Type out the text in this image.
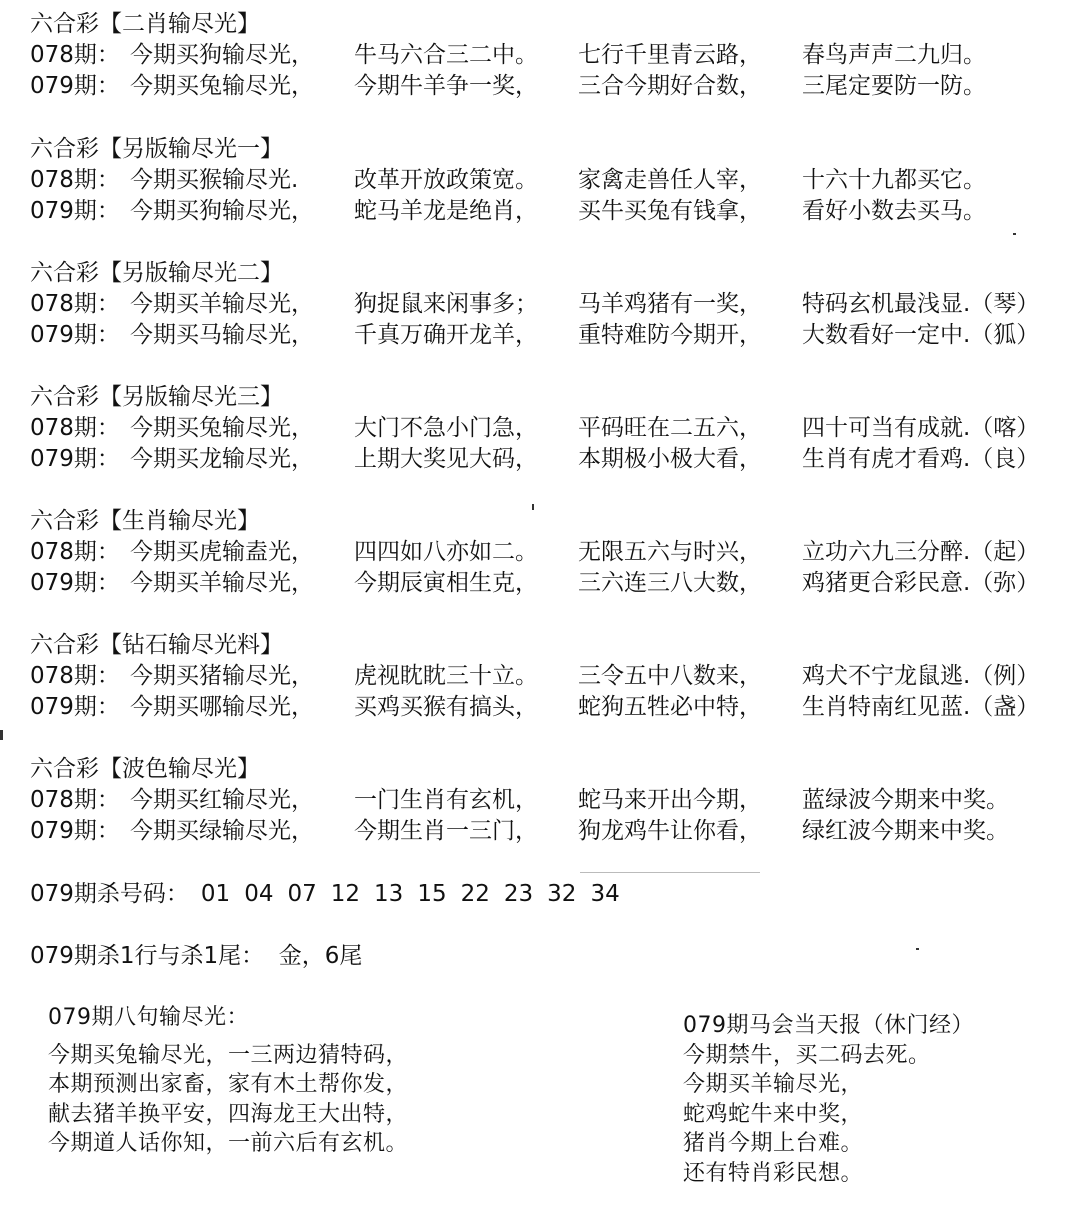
六合彩【二肖输尽光】
078期： 今期买狗输尽光， 牛马六合三二中。 七行千里青云路， 春鸟声声二九归。
079期： 今期买兔输尽光， 今期牛羊争一奖， 三合今期好合数， 三尾定要防一防。
六合彩【另版输尽光一】
078期： 今期买猴输尽光. 改革开放政策宽。 家禽走兽任人宰， 十六十九都买它。
079期： 今期买狗输尽光， 蛇马羊龙是绝肖， 买牛买兔有钱拿， 看好小数去买马。
六合彩【另版输尽光二】
078期： 今期买羊输尽光， 狗捉鼠来闲事多； 马羊鸡猪有一奖， 特码玄机最浅显.（琴）
079期： 今期买马输尽光， 千真万确开龙羊， 重特难防今期开， 大数看好一定中.（狐）
六合彩【另版输尽光三】
078期： 今期买兔输尽光， 大门不急小门急， 平码旺在二五六， 四十可当有成就.（喀）
079期： 今期买龙输尽光， 上期大奖见大码， 本期极小极大看， 生肖有虎才看鸡.（良）
六合彩【生肖输尽光】
078期： 今期买虎输盍光， 四四如八亦如二。 无限五六与时兴， 立功六九三分醉.（起）
079期： 今期买羊输尽光， 今期辰寅相生克， 三六连三八大数， 鸡猪更合彩民意.（弥）
六合彩【钻石输尽光料】
078期： 今期买猪输尽光， 虎视眈眈三十立。 三令五中八数来， 鸡犬不宁龙鼠逃.（例）
079期： 今期买哪输尽光， 买鸡买猴有搞头， 蛇狗五牲必中特， 生肖特南红见蓝.（盏）
六合彩【波色输尽光】
078期： 今期买红输尽光， 一门生肖有玄机， 蛇马来开出今期， 蓝绿波今期来中奖。
079期： 今期买绿输尽光， 今期生肖一三门， 狗龙鸡牛让你看， 绿红波今期来中奖。
079期杀号码： 01 04 07 12 13 15 22 23 32 34
079期杀1行与杀1尾：  金，6尾
079期八句输尽光：
今期买兔输尽光，一三两边猜特码，
本期预测出家畜，家有木土帮你发，
献去猪羊换平安，四海龙王大出特，
今期道人话你知，一前六后有玄机。
079期马会当天报（休门经）
今期禁牛，买二码去死。
今期买羊输尽光，
蛇鸡蛇牛来中奖，
猪肖今期上台难。
还有特肖彩民想。
